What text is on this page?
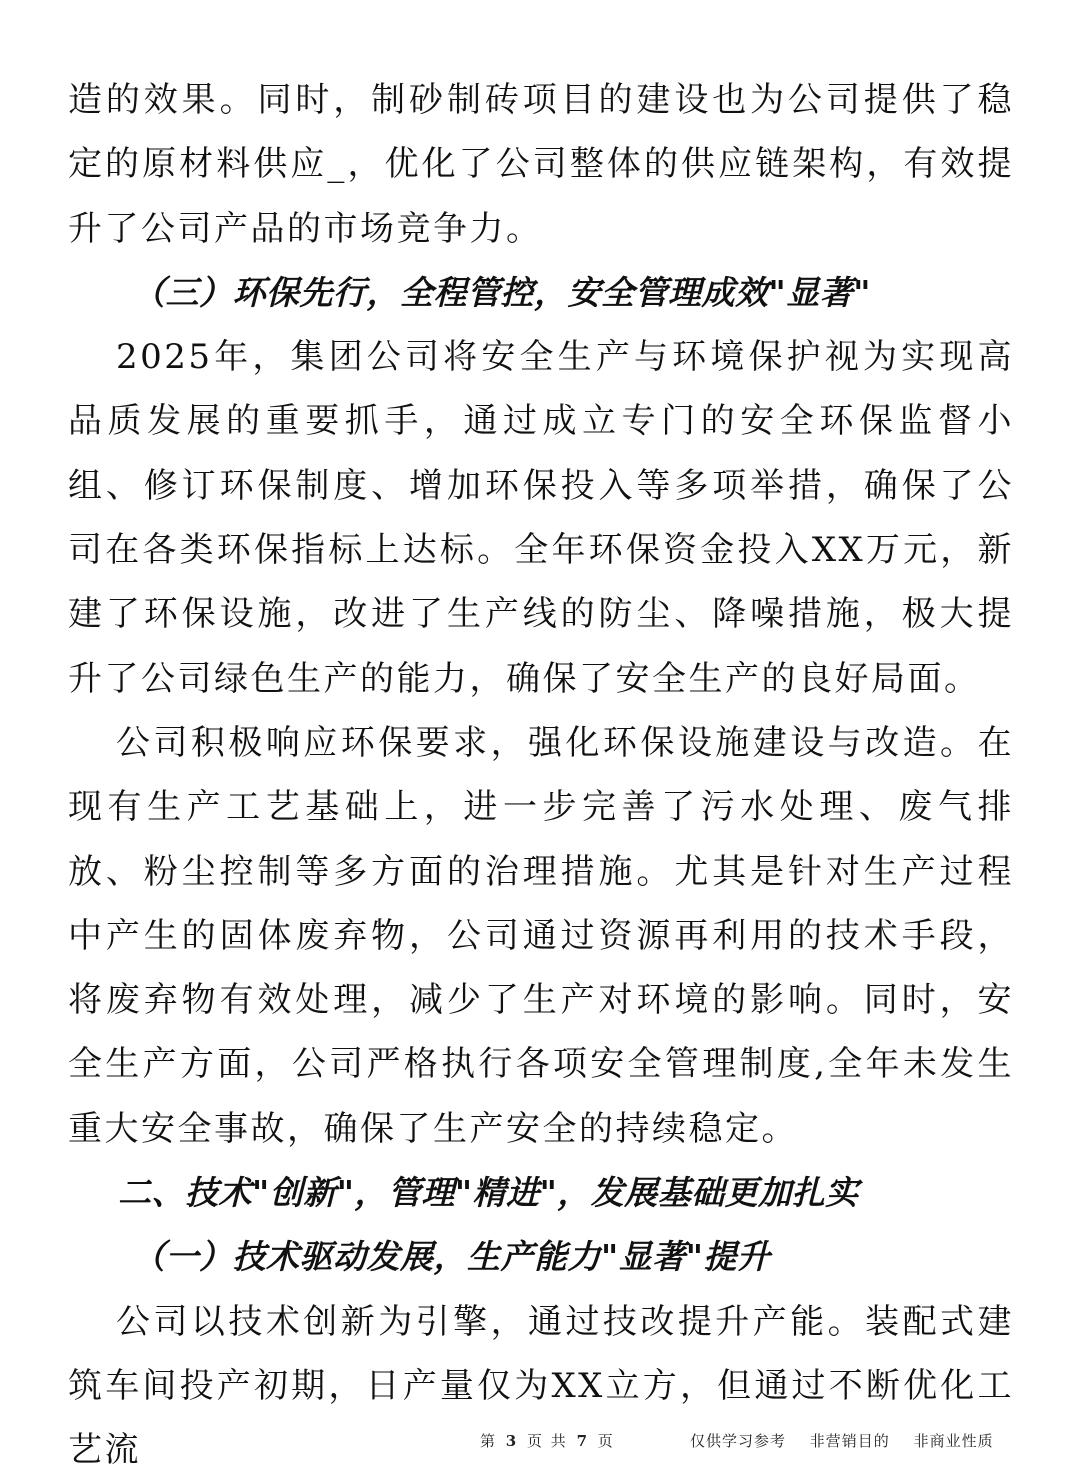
造的效果。同时，制砂制砖项目的建设也为公司提供了稳定的原材料供应_，优化了公司整体的供应链架构，有效提升了公司产品的市场竞争力。

（三）环保先行，全程管控，安全管理成效"显著"

2025年，集团公司将安全生产与环境保护视为实现高品质发展的重要抓手，通过成立专门的安全环保监督小组、修订环保制度、增加环保投入等多项举措，确保了公司在各类环保指标上达标。全年环保资金投入XX万元，新建了环保设施，改进了生产线的防尘、降噪措施，极大提升了公司绿色生产的能力，确保了安全生产的良好局面。

公司积极响应环保要求，强化环保设施建设与改造。在现有生产工艺基础上，进一步完善了污水处理、废气排放、粉尘控制等多方面的治理措施。尤其是针对生产过程中产生的固体废弃物，公司通过资源再利用的技术手段，将废弃物有效处理，减少了生产对环境的影响。同时，安全生产方面，公司严格执行各项安全管理制度,全年未发生重大安全事故，确保了生产安全的持续稳定。

二、技术"创新"，管理"精进"，发展基础更加扎实

（一）技术驱动发展，生产能力"显著"提升

公司以技术创新为引擎，通过技改提升产能。装配式建筑车间投产初期，日产量仅为XX立方，但通过不断优化工艺流	第 3 页 共 7 页	仅供学习参考 非营销目的 非商业性质
